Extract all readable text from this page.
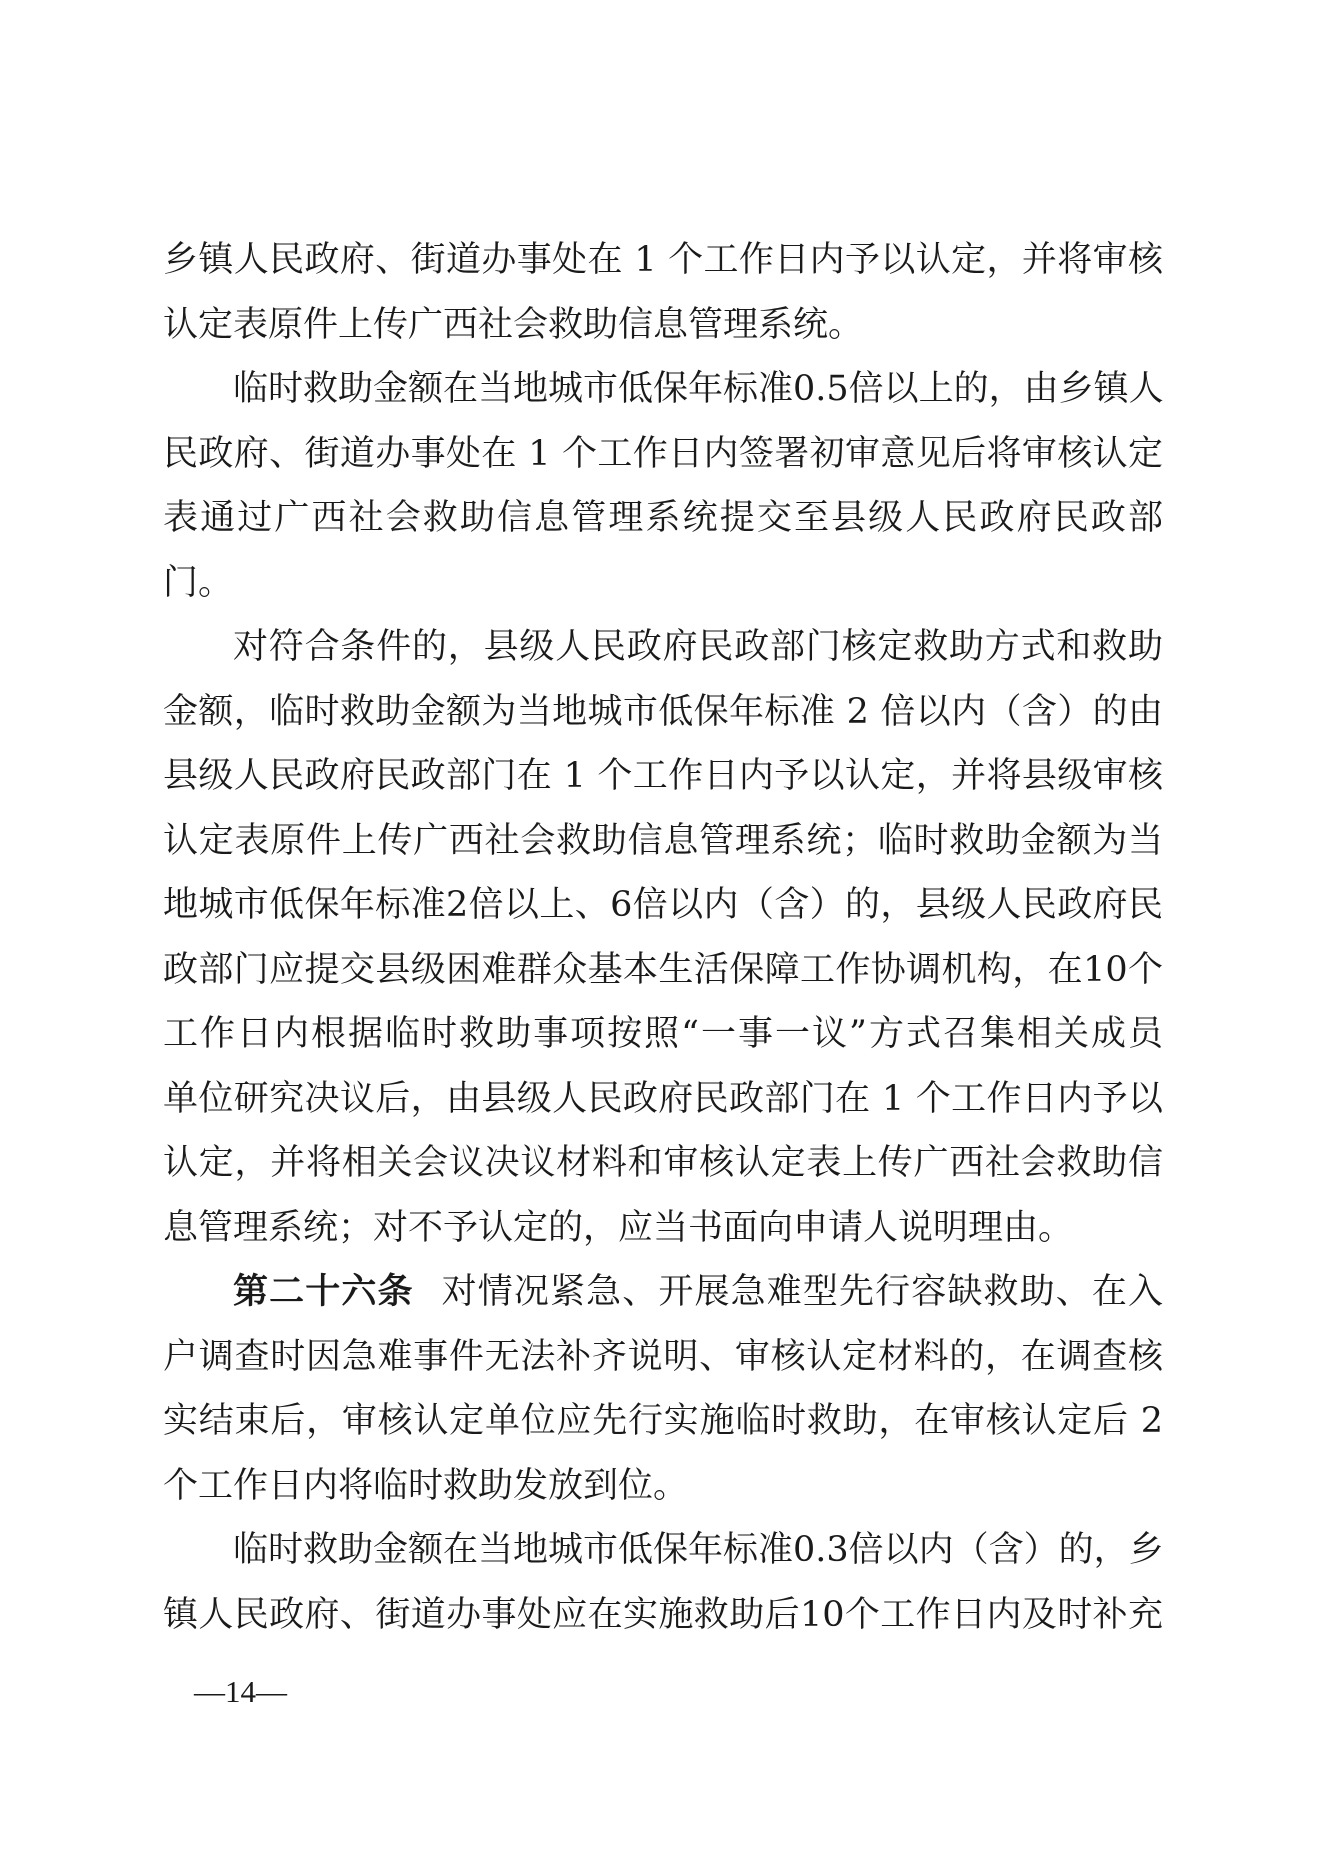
乡镇人民政府、街道办事处在 1 个工作日内予以认定，并将审核
认定表原件上传广西社会救助信息管理系统。
临时救助金额在当地城市低保年标准0.5倍以上的，由乡镇人
民政府、街道办事处在 1 个工作日内签署初审意见后将审核认定
表通过广西社会救助信息管理系统提交至县级人民政府民政部
门。
对符合条件的，县级人民政府民政部门核定救助方式和救助
金额，临时救助金额为当地城市低保年标准 2 倍以内（含）的由
县级人民政府民政部门在 1 个工作日内予以认定，并将县级审核
认定表原件上传广西社会救助信息管理系统；临时救助金额为当
地城市低保年标准2倍以上、6倍以内（含）的，县级人民政府民
政部门应提交县级困难群众基本生活保障工作协调机构，在10个
工作日内根据临时救助事项按照“一事一议”方式召集相关成员
单位研究决议后，由县级人民政府民政部门在 1 个工作日内予以
认定，并将相关会议决议材料和审核认定表上传广西社会救助信
息管理系统；对不予认定的，应当书面向申请人说明理由。
第二十六条 对情况紧急、开展急难型先行容缺救助、在入
户调查时因急难事件无法补齐说明、审核认定材料的，在调查核
实结束后，审核认定单位应先行实施临时救助，在审核认定后 2
个工作日内将临时救助发放到位。
临时救助金额在当地城市低保年标准0.3倍以内（含）的，乡
镇人民政府、街道办事处应在实施救助后10个工作日内及时补充
—14—
